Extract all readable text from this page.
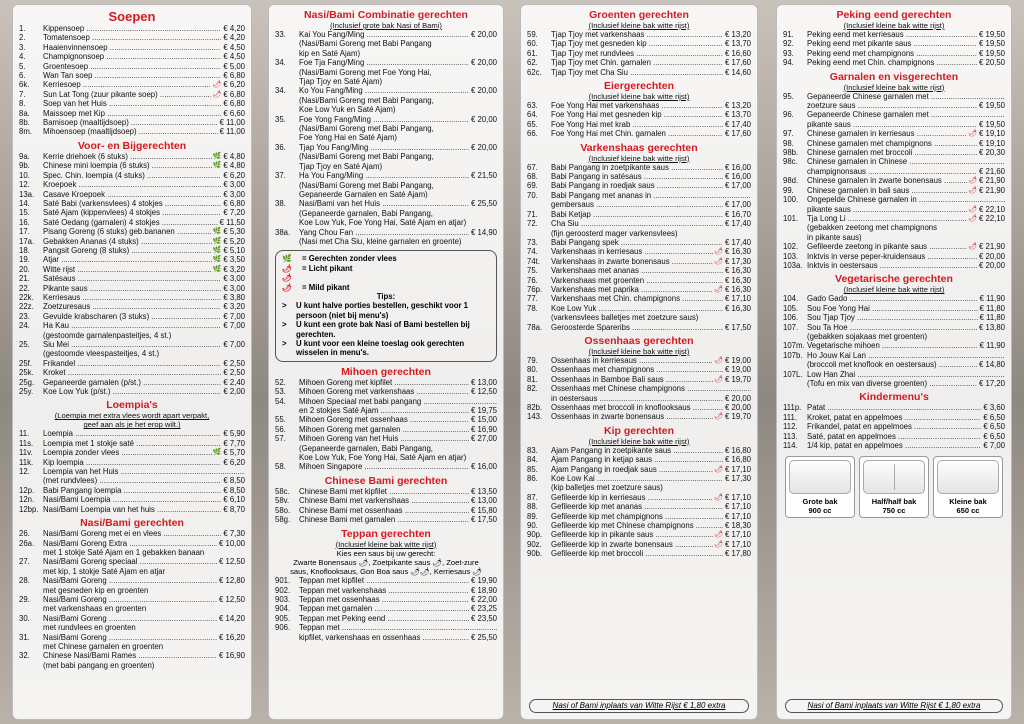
Soepen
1.	Kippensoep .....	€ 4,20
2.	Tomatensoep .....	€ 4,20
3.	Haaienvinnensoep .....	€ 4,50
4.	Champignonsoep .....	€ 4,50
5.	Groentesoep .....	€ 5,00
6.	Wan Tan soep .....	€ 6,80
6k.	Kerriesoep .....	🌶 € 6,20
7.	Sun Lat Tong (zuur pikante soep) .....	🌶 € 6,80
8.	Soep van het Huis .....	€ 6,80
8a.	Maissoep met Kip .....	€ 6,60
8b.	Bamisoep (maaltijdsoep) .....	€ 11,00
8m.	Mihoensoep (maaltijdsoep) .....	€ 11,00
Voor- en Bijgerechten
9a.	Kerrie driehoek (6 stuks) .....	🌿 € 4,80
9b.	Chinese mini loempia (6 stuks) .....	🌿 € 4,80
10.	Spec. Chin. loempia (4 stuks) .....	€ 6,20
12.	Kroepoek .....	€ 3,00
13a.	Casave Kroepoek .....	€ 3,00
14.	Saté Babi (varkensvlees) 4 stokjes .....	€ 6,80
15.	Saté Ajam (kippenvlees) 4 stokjes .....	€ 7,20
16.	Saté Oedang (garnalen) 4 stokjes .....	€ 11,50
17.	Pisang Goreng (6 stuks) geb.bananen .....	🌿 € 5,30
17a.	Gebakken Ananas (4 stuks) .....	🌿 € 5,20
18.	Pangsit Goreng (8 stuks) .....	🌿 € 5,10
19.	Atjar .....	🌿 € 3,50
20.	Witte rijst .....	🌿 € 3,20
21.	Satésaus .....	€ 3,00
22.	Pikante saus .....	€ 3,00
22k.	Kerriesaus .....	€ 3,80
22z.	Zoetzuresaus .....	€ 3,20
23.	Gevulde krabscharen (3 stuks) .....	€ 7,00
24.	Ha Kau .....	€ 7,00
(gestoomde garnalenpasteitjes, 4 st.)
25.	Siu Mei .....	€ 7,00
(gestoomde vleespasteitjes, 4 st.)
25f.	Frikandel .....	€ 2,50
25k.	Kroket .....	€ 2,50
25g.	Gepaneerde garnalen (p/st.) .....	€ 2,40
25y.	Koe Low Yuk (p/st.) .....	€ 2,00
Loempia's
(Loempia met extra vlees wordt apart verpakt,
geef aan als je het erop wilt.)
11.	Loempia .....	€ 5,90
11s.	Loempia met 1 stokje saté .....	€ 7,70
11v.	Loempia zonder vlees .....	🌿 € 5,70
11k.	Kip loempia .....	€ 6,20
12.	Loempia van het Huis .....
(met rundvlees) .....	€ 8,50
12p.	Babi Pangang loempia .....	€ 8,50
12n.	Nasi/Bami Loempia .....	€ 6,10
12bp. Nasi/Bami Loempia van het huis .....	€ 8,70
Nasi/Bami gerechten
26.	Nasi/Bami Goreng met ei en vlees .....	€ 7,30
26a.	Nasi/Bami Goreng Extra .....	€ 10,00
met 1 stokje Saté Ajam en 1 gebakken banaan
27.	Nasi/Bami Goreng speciaal .....	€ 12,50
met kip, 1 stokje Saté Ajam en atjar
28.	Nasi/Bami Goreng .....	€ 12,80
met gesneden kip en groenten
29.	Nasi/Bami Goreng .....	€ 12,50
met varkenshaas en groenten
30.	Nasi/Bami Goreng .....	€ 14,20
met rundvlees en groenten
31.	Nasi/Bami Goreng .....	€ 16,20
met Chinese garnalen en groenten
32.	Chinese Nasi/Bami Rames .....	€ 16,90
(met babi pangang en groenten)
Nasi/Bami Combinatie gerechten
(Inclusief grote bak Nasi of Bami)
33.	Kai You Fang/Ming .....	€ 20,00
(Nasi/Bami Goreng met Babi Pangang
kip en Saté Ajam)
34.	Foe Tja Fang/Ming .....	€ 20,00
(Nasi/Bami Goreng met Foe Yong Hai,
Tjap Tjoy en Saté Ajam)
34.	Ko You Fang/Ming .....	€ 20,00
(Nasi/Bami Goreng met Babi Pangang,
Koe Low Yuk en Saté Ajam)
35.	Foe Yong Fang/Ming .....	€ 20,00
(Nasi/Bami Goreng met Babi Pangang,
Foe Yong Hai en Saté Ajam)
36.	Tjap You Fang/Ming .....	€ 20,00
(Nasi/Bami Goreng met Babi Pangang,
Tjap Tjoy en Saté Ajam)
37.	Ha You Fang/Ming .....	€ 21,50
(Nasi/Bami Goreng met Babi Pangang,
Gepaneerde Garnalen en Saté Ajam)
38.	Nasi/Bami van het Huis .....	€ 25,50
(Gepaneerde garnalen, Babi Pangang,
Koe Low Yuk, Foe Yong Hai, Saté Ajam en atjar)
38a.	Yang Chou Fan .....	€ 14,90
(Nasi met Cha Siu, kleine garnalen en groente)
🌿	= Gerechten zonder vlees
🌶🌶
= Licht pikant
🌶	= Mild pikant
Tips:
>	U kunt halve porties bestellen, geschikt voor 1 persoon (niet bij menu's)
>	U kunt een grote bak Nasi of Bami bestellen bij gerechten.
>	U kunt voor een kleine toeslag ook gerechten wisselen in menu's.
Mihoen gerechten
52.	Mihoen Goreng met kipfilet .....	€ 13,00
53.	Mihoen Goreng met varkenshaas .....	€ 12,50
54.	Mihoen Speciaal met babi pangang .....
en 2 stokjes Saté Ajam .....	€ 19,75
55.	Mihoen Goreng met ossenhaas .....	€ 15,00
56.	Mihoen Goreng met garnalen .....	€ 16,90
57.	Mihoen Goreng van het Huis .....	€ 27,00
(Gepaneerde garnalen, Babi Pangang,
Koe Low Yuk, Foe Yong Hai, Saté Ajam en atjar)
58.	Mihoen Singapore .....	€ 16,00
Chinese Bami gerechten
58c.	Chinese Bami met kipfilet .....	€ 13,50
58v.	Chinese Bami met varkenshaas .....	€ 13,00
58o.	Chinese Bami met ossenhaas .....	€ 15,80
58g.	Chinese Bami met garnalen .....	€ 17,50
Teppan gerechten
(Inclusief kleine bak witte rijst)
Kies een saus bij uw gerecht:
Zwarte Bonensaus 🌶, Zoetpikante saus 🌶, Zoet-zure
saus, Knoflooksaus, Gon Boa saus 🌶🌶, Kerriesaus 🌶
901.	Teppan met kipfilet .....	€ 19,90
902.	Teppan met varkenshaas .....	€ 18,90
903.	Teppan met ossenhaas .....	€ 22,00
904.	Teppan met garnalen .....	€ 23,25
905.	Teppan met Peking eend .....	€ 23,50
906.	Teppan met .....
kipfilet, varkenshaas en ossenhaas .....	€ 25,50
Groenten gerechten
(Inclusief kleine bak witte rijst)
59.	Tjap Tjoy met varkenshaas .....	€ 13,20
60.	Tjap Tjoy met gesneden kip .....	€ 13,70
61.	Tjap Tjoy met rundvlees .....	€ 16,60
62.	Tjap Tjoy met Chin. garnalen .....	€ 17,60
62c.	Tjap Tjoy met Cha Siu .....	€ 14,60
Eiergerechten
(Inclusief kleine bak witte rijst)
63.	Foe Yong Hai met varkenshaas .....	€ 13,20
64.	Foe Yong Hai met gesneden kip .....	€ 13,70
65.	Foe Yong Hai met krab .....	€ 17,40
66.	Foe Yong Hai met Chin. garnalen .....	€ 17,60
Varkenshaas gerechten
(Inclusief kleine bak witte rijst)
67.	Babi Pangang in zoetpikante saus .....	€ 16,00
68.	Babi Pangang in satésaus .....	€ 16,00
69.	Babi Pangang in roedjak saus .....	€ 17,00
70.	Babi Pangang met ananas in .....
gembersaus .....	€ 17,00
71.	Babi Ketjap .....	€ 16,70
72.	Cha Siu .....	€ 17,40
(fijn geroosterd mager varkensvlees)
73.	Babi Pangang spek .....	€ 17,40
74.	Varkenshaas in kerriesaus .....	🌶 € 16,30
74t.	Varkenshaas in zwarte bonensaus .....	🌶 € 17,30
75.	Varkenshaas met ananas .....	€ 16,30
76.	Varkenshaas met groenten .....	€ 16,30
76p.	Varkenshaas met paprika .....	🌶 € 16,30
77.	Varkenshaas met Chin. champignons .....	€ 17,10
78.	Koe Low Yuk .....	€ 16,30
(varkensvlees balletjes met zoetzure saus)
78a.	Geroosterde Spareribs .....	€ 17,50
Ossenhaas gerechten
(Inclusief kleine bak witte rijst)
79.	Ossenhaas in kerriesaus .....	🌶 € 19,00
80.	Ossenhaas met champignons .....	€ 19,00
81.	Ossenhaas in Bamboe Bali saus .....	🌶 € 19,70
82.	Ossenhaas met Chinese champignons .....
in oestersaus .....	€ 20,00
82b.	Ossenhaas met broccoli in knoflooksaus .....	€ 20,00
143.	Ossenhaas in zwarte bonensaus .....	🌶 € 19,70
Kip gerechten
(Inclusief kleine bak witte rijst)
83.	Ajam Pangang in zoetpikante saus .....	€ 16,80
84.	Ajam Pangang in ketjap saus .....	€ 16,80
85.	Ajam Pangang in roedjak saus .....	🌶 € 17,10
86.	Koe Low Kai .....	€ 17,30
(kip balletjes met zoetzure saus)
87.	Gefileerde kip in kerriesaus .....	🌶 € 17,10
88.	Gefileerde kip met ananas .....	€ 17,10
89.	Gefileerde kip met champignons .....	€ 17,10
90.	Gefileerde kip met Chinese champignons .....	€ 18,30
90p.	Gefileerde kip in pikante saus .....	🌶 € 17,10
90z.	Gefileerde kip in zwarte bonensaus .....	🌶 € 17,10
90b.	Gefileerde kip met broccoli .....	€ 17,80
Nasi of Bami inplaats van Witte Rijst € 1,80 extra
Peking eend gerechten
(Inclusief kleine bak witte rijst)
91.	Peking eend met kerriesaus .....	€ 19,50
92.	Peking eend met pikante saus .....	€ 19,50
93.	Peking eend met champignons .....	€ 19,50
94.	Peking eend met Chin. champignons .....	€ 20,50
Garnalen en visgerechten
(Inclusief kleine bak witte rijst)
95.	Gepaneerde Chinese garnalen met .....
zoetzure saus .....	€ 19,50
96.	Gepaneerde Chinese garnalen met .....
pikante saus .....	€ 19,50
97.	Chinese garnalen in kerriesaus .....	🌶 € 19,10
98.	Chinese garnalen met champignons .....	€ 19,10
98b.	Chinese garnalen met broccoli .....	€ 20,30
98c.	Chinese garnalen in Chinese .....
champignonsaus .....	€ 21,60
98d.	Chinese garnalen in zwarte bonensaus .....	🌶 € 21,90
99.	Chinese garnalen in bali saus .....	🌶 € 21,90
100.	Ongepelde Chinese garnalen in .....
pikante saus .....	🌶 € 22,10
101.	Tja Long Li .....	🌶 € 22,10
(gebakken zeetong met champignons
in pikante saus)
102.	Gefileerde zeetong in pikante saus .....	🌶 € 21,90
103.	Inktvis in verse peper-kruidensaus .....	€ 20,00
103a. Inktvis in oestersaus .....	€ 20,00
Vegetarische gerechten
(Inclusief kleine bak witte rijst)
104.	Gado Gado .....	€ 11,90
105.	Sou Foe Yong Hai .....	€ 11,80
106.	Sou Tjap Tjoy .....	€ 11,80
107.	Sou Ta Hoe .....	€ 13,80
(gebakken sojakaas met groenten)
107m. Vegetarische mihoen .....	€ 11,90
107b. Ho Jouw Kai Lan .....
(broccoli met knoflook en oestersaus) .....	€ 14,80
107L. Low Han Zhai .....
(Tofu en mix van diverse groenten) .....	€ 17,20
Kindermenu's
111p. Patat .....	€ 3,60
111.	Kroket, patat en appelmoes .....	€ 6,50
112.	Frikandel, patat en appelmoes .....	€ 6,50
113.	Saté, patat en appelmoes .....	€ 6,50
114.	1/4 kip, patat en appelmoes .....	€ 7,00
Grote bak
900 cc
Half/half bak
750 cc
Kleine bak
650 cc
Nasi of Bami inplaats van Witte Rijst € 1,80 extra
